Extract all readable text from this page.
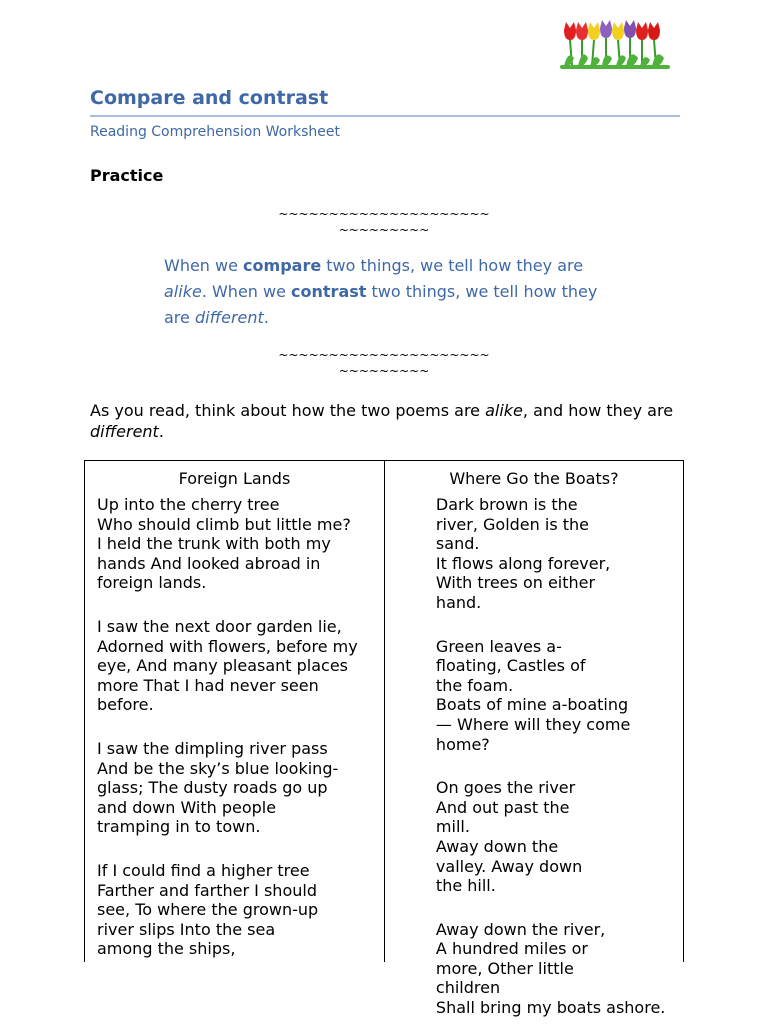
Compare and contrast
Reading Comprehension Worksheet
Practice
~~~~~~~~~~~~~~~~~~~~~
~~~~~~~~~
When we compare two things, we tell how they are
alike. When we contrast two things, we tell how they
are different.
~~~~~~~~~~~~~~~~~~~~~
~~~~~~~~~
As you read, think about how the two poems are alike, and how they are
different.
Foreign Lands

Up into the cherry tree
Who should climb but little me?
I held the trunk with both my
hands And looked abroad in
foreign lands.

I saw the next door garden lie,
Adorned with flowers, before my
eye, And many pleasant places
more That I had never seen
before.

I saw the dimpling river pass
And be the sky’s blue looking-
glass; The dusty roads go up
and down With people
tramping in to town.

If I could find a higher tree
Farther and farther I should
see, To where the grown-up
river slips Into the sea
among the ships,

Where Go the Boats?

Dark brown is the
river, Golden is the
sand.
It flows along forever,
With trees on either
hand.

Green leaves a-
floating, Castles of
the foam.
Boats of mine a-boating
— Where will they come
home?

On goes the river
And out past the
mill.
Away down the
valley. Away down
the hill.

Away down the river,
A hundred miles or
more, Other little
children
Shall bring my boats ashore.
